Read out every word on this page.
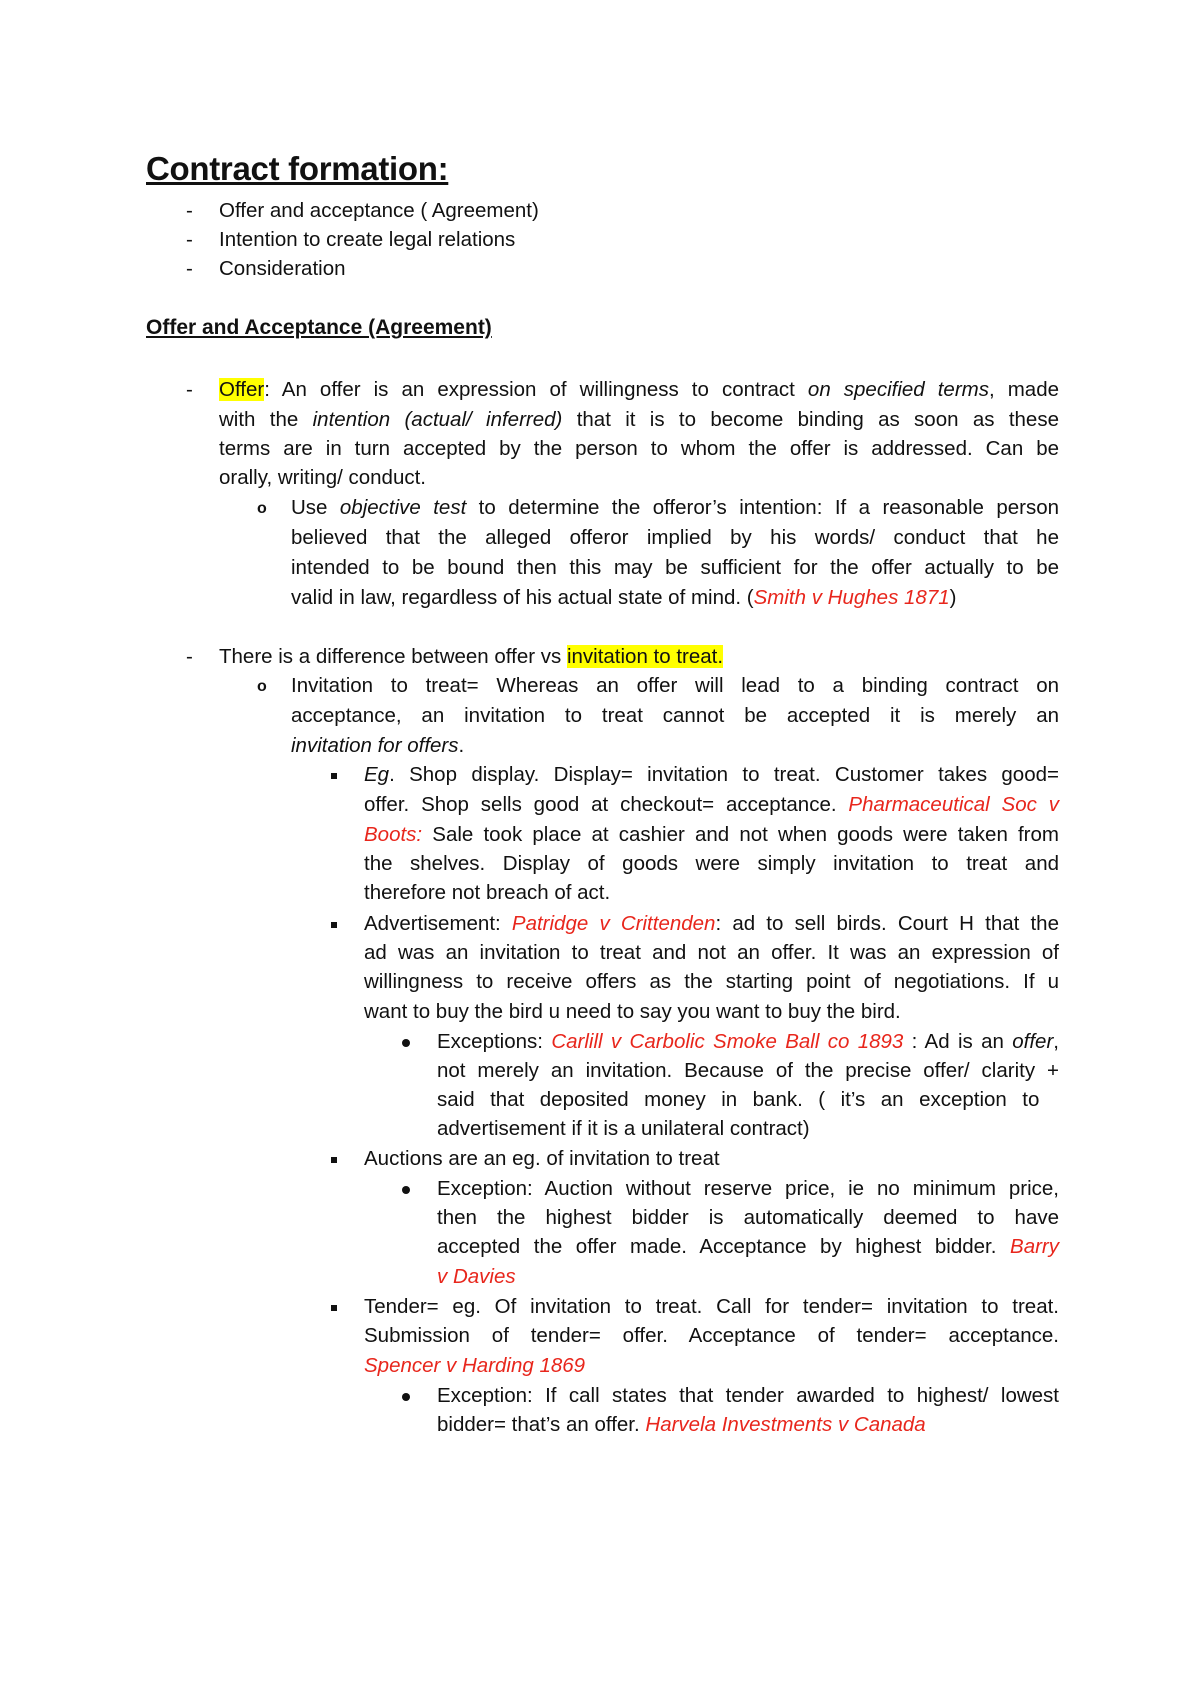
Contract formation:
- Offer and acceptance ( Agreement)
- Intention to create legal relations
- Consideration
Offer and Acceptance (Agreement)
- Offer: An offer is an expression of willingness to contract on specified terms, made
with the intention (actual/ inferred) that it is to become binding as soon as these
terms are in turn accepted by the person to whom the offer is addressed. Can be
orally, writing/ conduct.
o Use objective test to determine the offeror’s intention: If a reasonable person
believed that the alleged offeror implied by his words/ conduct that he
intended to be bound then this may be sufficient for the offer actually to be
valid in law, regardless of his actual state of mind. (Smith v Hughes 1871)
- There is a difference between offer vs invitation to treat.
o Invitation to treat= Whereas an offer will lead to a binding contract on
acceptance, an invitation to treat cannot be accepted it is merely an
invitation for offers.
Eg. Shop display. Display= invitation to treat. Customer takes good=
offer. Shop sells good at checkout= acceptance. Pharmaceutical Soc v
Boots: Sale took place at cashier and not when goods were taken from
the shelves. Display of goods were simply invitation to treat and
therefore not breach of act.
Advertisement: Patridge v Crittenden: ad to sell birds. Court H that the
ad was an invitation to treat and not an offer. It was an expression of
willingness to receive offers as the starting point of negotiations. If u
want to buy the bird u need to say you want to buy the bird.
Exceptions: Carlill v Carbolic Smoke Ball co 1893 : Ad is an offer,
not merely an invitation. Because of the precise offer/ clarity +
said that deposited money in bank. ( it’s an exception to
advertisement if it is a unilateral contract)
Auctions are an eg. of invitation to treat
Exception: Auction without reserve price, ie no minimum price,
then the highest bidder is automatically deemed to have
accepted the offer made. Acceptance by highest bidder. Barry
v Davies
Tender= eg. Of invitation to treat. Call for tender= invitation to treat.
Submission of tender= offer. Acceptance of tender= acceptance.
Spencer v Harding 1869
Exception: If call states that tender awarded to highest/ lowest
bidder= that’s an offer. Harvela Investments v Canada
